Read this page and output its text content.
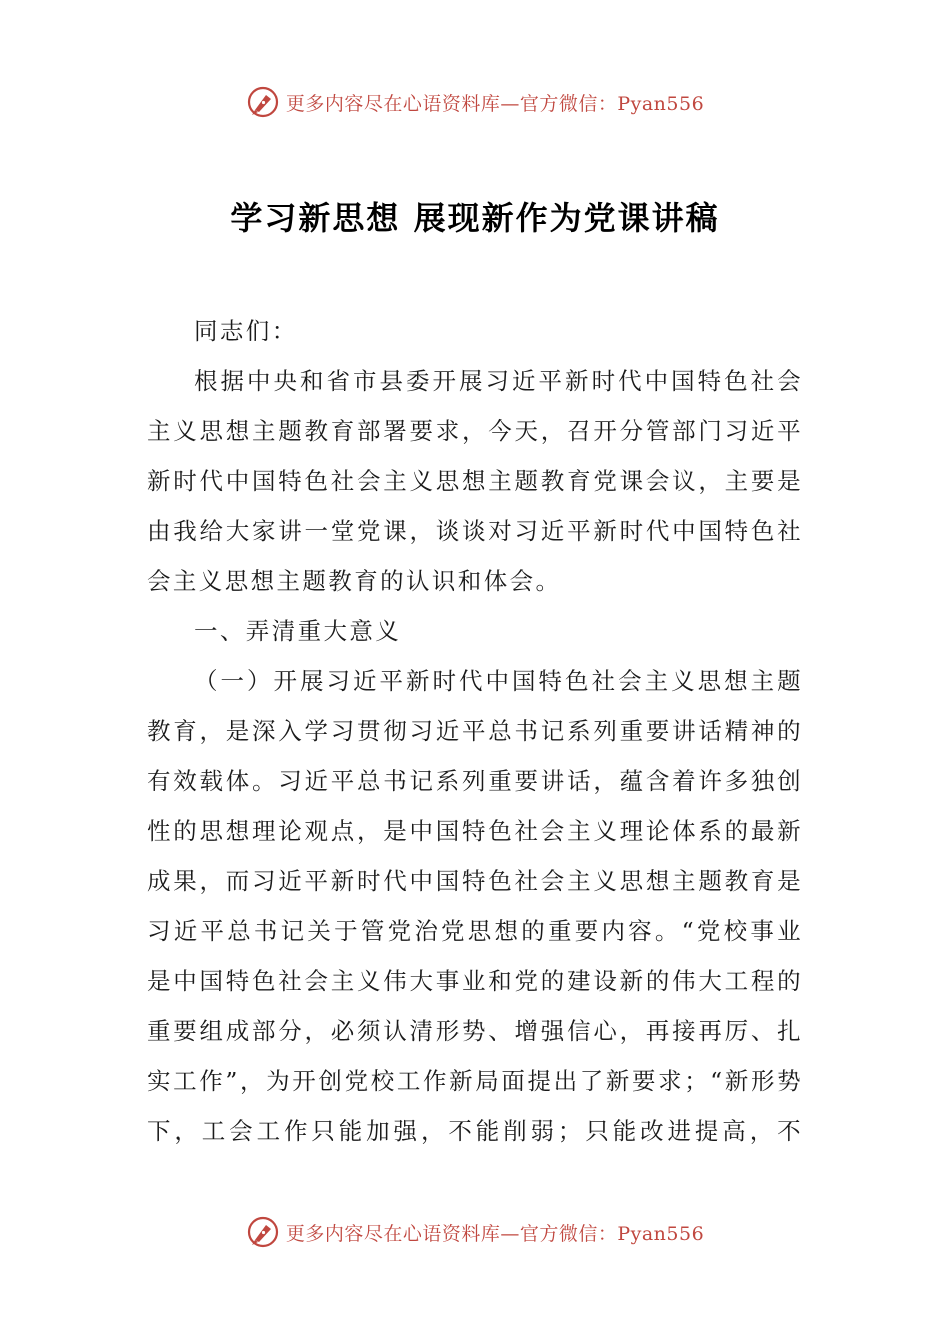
更多内容尽在心语资料库—官方微信：Pyan556
学习新思想 展现新作为党课讲稿

同志们：

根据中央和省市县委开展习近平新时代中国特色社会主义思想主题教育部署要求，今天，召开分管部门习近平新时代中国特色社会主义思想主题教育党课会议，主要是由我给大家讲一堂党课，谈谈对习近平新时代中国特色社会主义思想主题教育的认识和体会。

一、弄清重大意义

（一）开展习近平新时代中国特色社会主义思想主题教育，是深入学习贯彻习近平总书记系列重要讲话精神的有效载体。习近平总书记系列重要讲话，蕴含着许多独创性的思想理论观点，是中国特色社会主义理论体系的最新成果，而习近平新时代中国特色社会主义思想主题教育是习近平总书记关于管党治党思想的重要内容。“党校事业是中国特色社会主义伟大事业和党的建设新的伟大工程的重要组成部分，必须认清形势、增强信心，再接再厉、扎实工作”，为开创党校工作新局面提出了新要求；“新形势下，工会工作只能加强，不能削弱；只能改进提高，不

更多内容尽在心语资料库—官方微信：Pyan556
